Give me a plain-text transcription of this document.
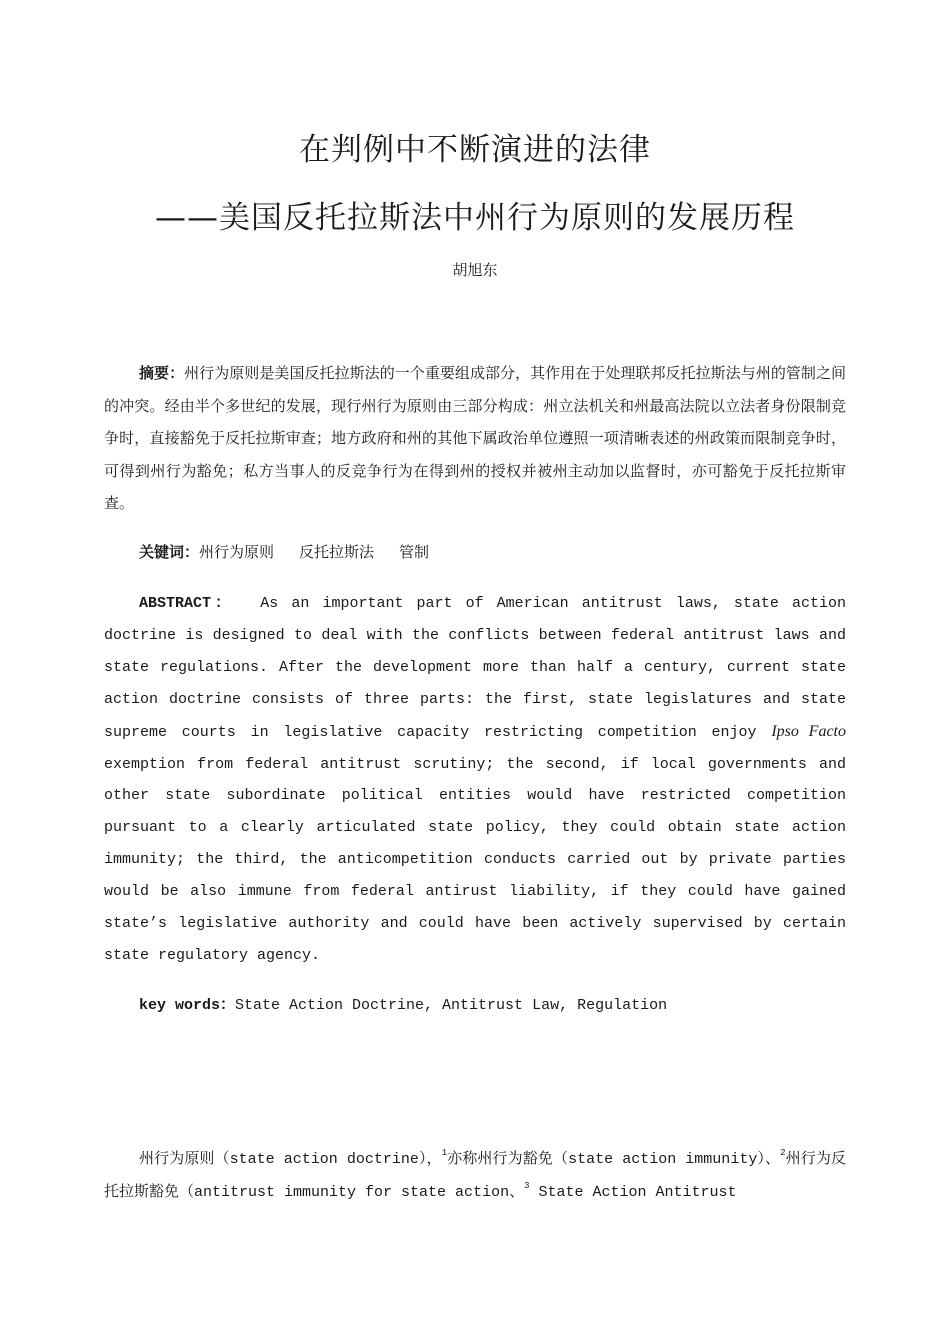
在判例中不断演进的法律
——美国反托拉斯法中州行为原则的发展历程
胡旭东

摘要：州行为原则是美国反托拉斯法的一个重要组成部分，其作用在于处理联邦反托拉斯法与州的管制之间的冲突。经由半个多世纪的发展，现行州行为原则由三部分构成：州立法机关和州最高法院以立法者身份限制竞争时，直接豁免于反托拉斯审查；地方政府和州的其他下属政治单位遵照一项清晰表述的州政策而限制竞争时，可得到州行为豁免；私方当事人的反竞争行为在得到州的授权并被州主动加以监督时，亦可豁免于反托拉斯审查。

关键词：州行为原则 反托拉斯法 管制

ABSTRACT： As an important part of American antitrust laws, state action doctrine is designed to deal with the conflicts between federal antitrust laws and state regulations. After the development more than half a century, current state action doctrine consists of three parts: the first, state legislatures and state supreme courts in legislative capacity restricting competition enjoy Ipso Facto exemption from federal antitrust scrutiny; the second, if local governments and other state subordinate political entities would have restricted competition pursuant to a clearly articulated state policy, they could obtain state action immunity; the third, the anticompetition conducts carried out by private parties would be also immune from federal antirust liability, if they could have gained state’s legislative authority and could have been actively supervised by certain state regulatory agency.

key words：State Action Doctrine, Antitrust Law, Regulation

州行为原则（state action doctrine），$^1$亦称州行为豁免（state action immunity）、$^2$州行为反托拉斯豁免（antitrust immunity for state action、$^3$ State Action Antitrust
